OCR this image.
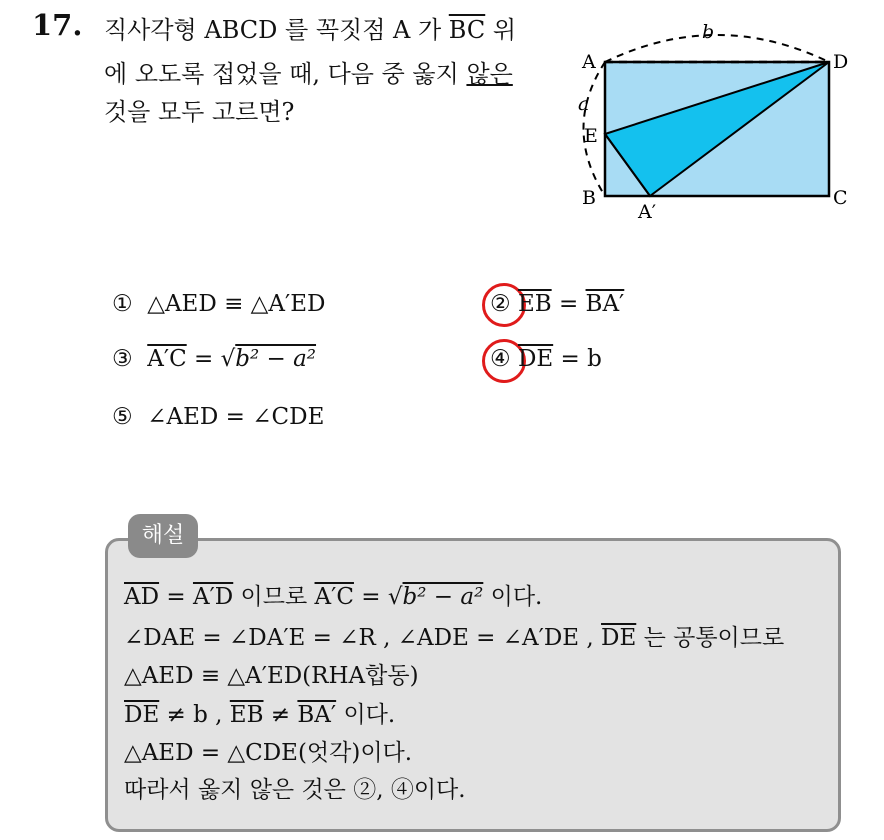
17. 직사각형 ABCD 를 꼭짓점 A 가 $\overline{BC}$ 위
에 오도록 접었을 때, 다음 중 옳지 않은
것을 모두 고르면?
A	D
E
B	C
A′
a
b
① △AED ≡ △A′ED	② $\overline{EB} = BA'$
③ A′C = √b² − a²	④ $\overline{DE} = b$
⑤ ∠AED = ∠CDE
해설
$\overline{AD} = A'D$ 이므로 A′C = √b² − a² 이다.
∠DAE = ∠DA′E = ∠R , ∠ADE = ∠A′DE , $\overline{DE}$ 는 공통이므로
△AED ≡ △A′ED(RHA합동)
$\overline{DE} \ne b$ , $\overline{EB} \ne BA'$ 이다.
△AED = △CDE(엇각)이다.
따라서 옳지 않은 것은 ②, ④이다.
